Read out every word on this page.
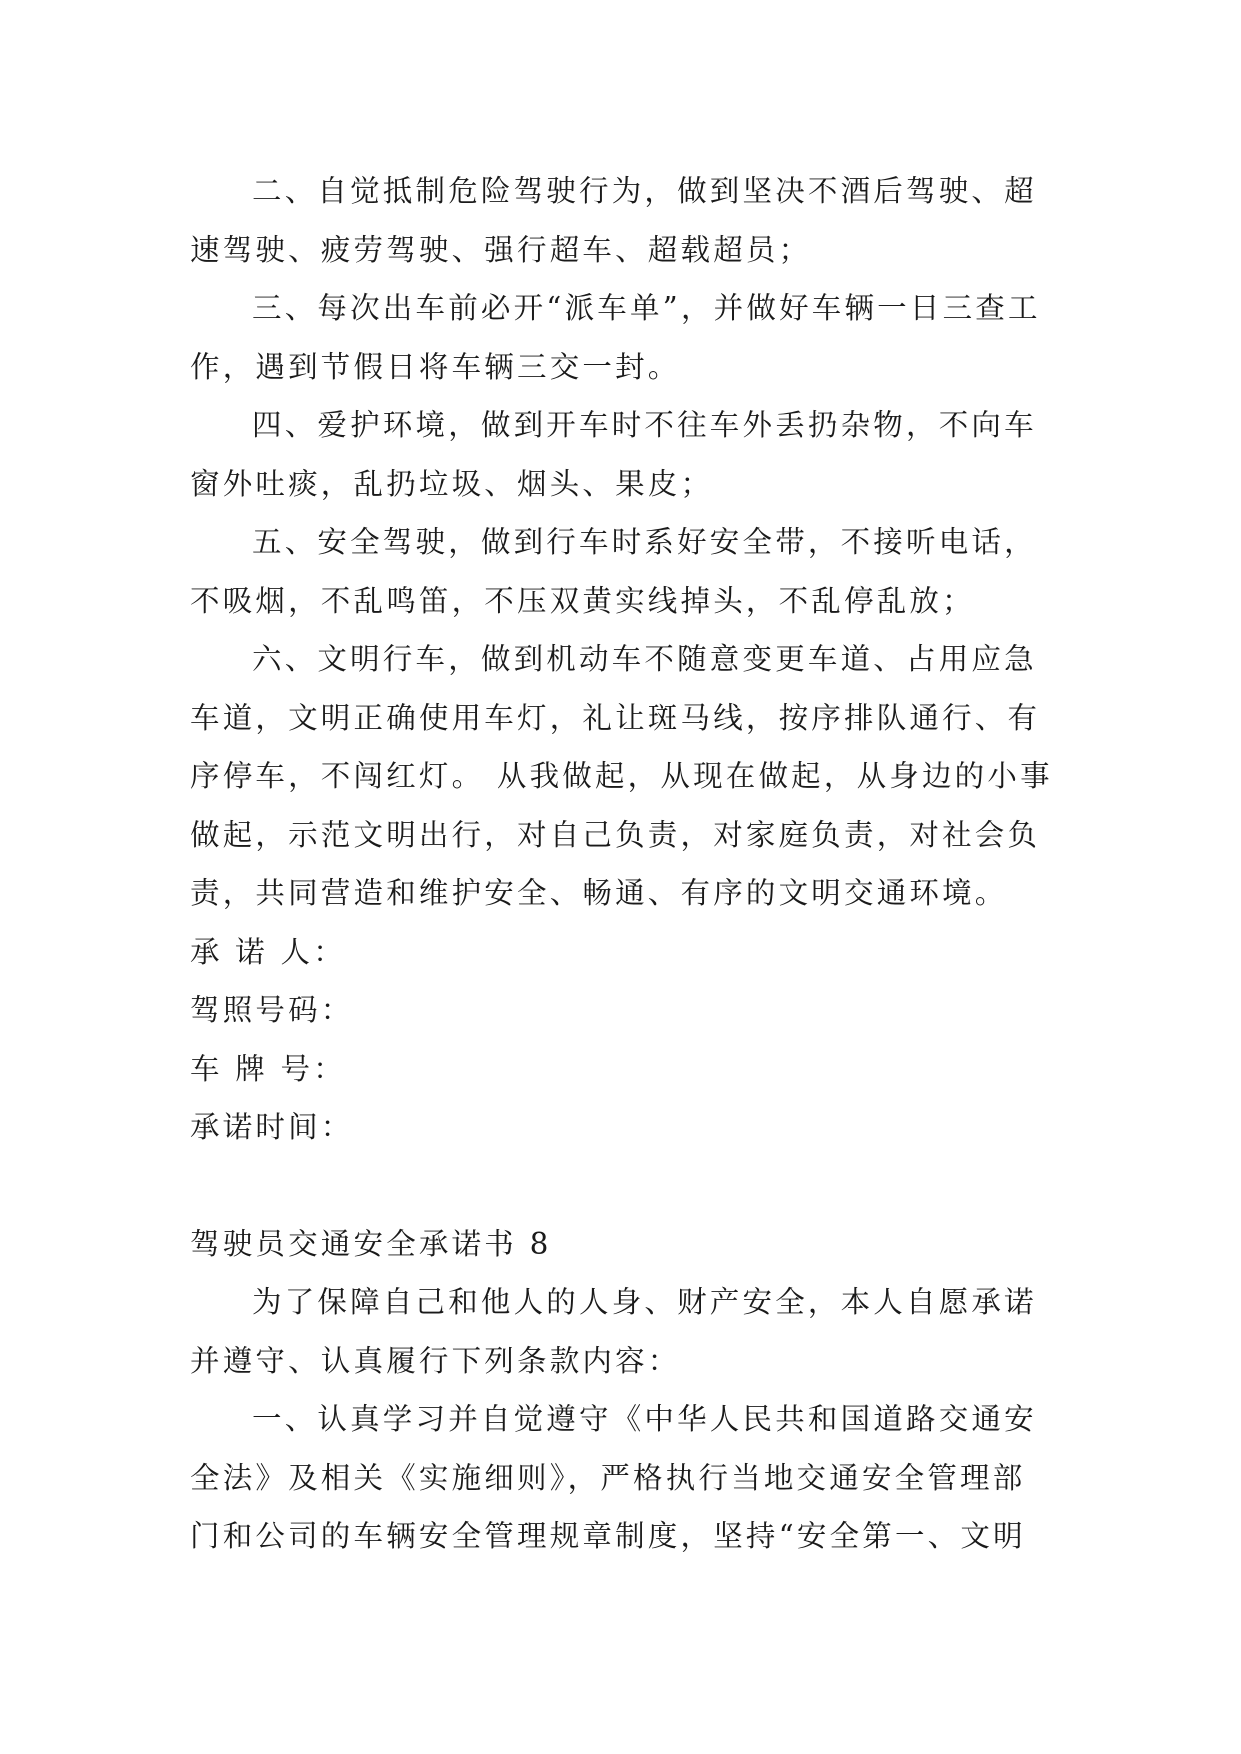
二、自觉抵制危险驾驶行为，做到坚决不酒后驾驶、超速驾驶、疲劳驾驶、强行超车、超载超员；

三、每次出车前必开“派车单”，并做好车辆一日三查工作，遇到节假日将车辆三交一封。

四、爱护环境，做到开车时不往车外丢扔杂物，不向车窗外吐痰，乱扔垃圾、烟头、果皮；

五、安全驾驶，做到行车时系好安全带，不接听电话，不吸烟，不乱鸣笛，不压双黄实线掉头，不乱停乱放；

六、文明行车，做到机动车不随意变更车道、占用应急车道，文明正确使用车灯，礼让斑马线，按序排队通行、有序停车，不闯红灯。 从我做起，从现在做起，从身边的小事做起，示范文明出行，对自己负责，对家庭负责，对社会负责，共同营造和维护安全、畅通、有序的文明交通环境。

承 诺 人：

驾照号码：

车 牌 号：

承诺时间：

驾驶员交通安全承诺书 8

为了保障自己和他人的人身、财产安全，本人自愿承诺并遵守、认真履行下列条款内容：

一、认真学习并自觉遵守《中华人民共和国道路交通安全法》及相关《实施细则》，严格执行当地交通安全管理部门和公司的车辆安全管理规章制度，坚持“安全第一、文明
